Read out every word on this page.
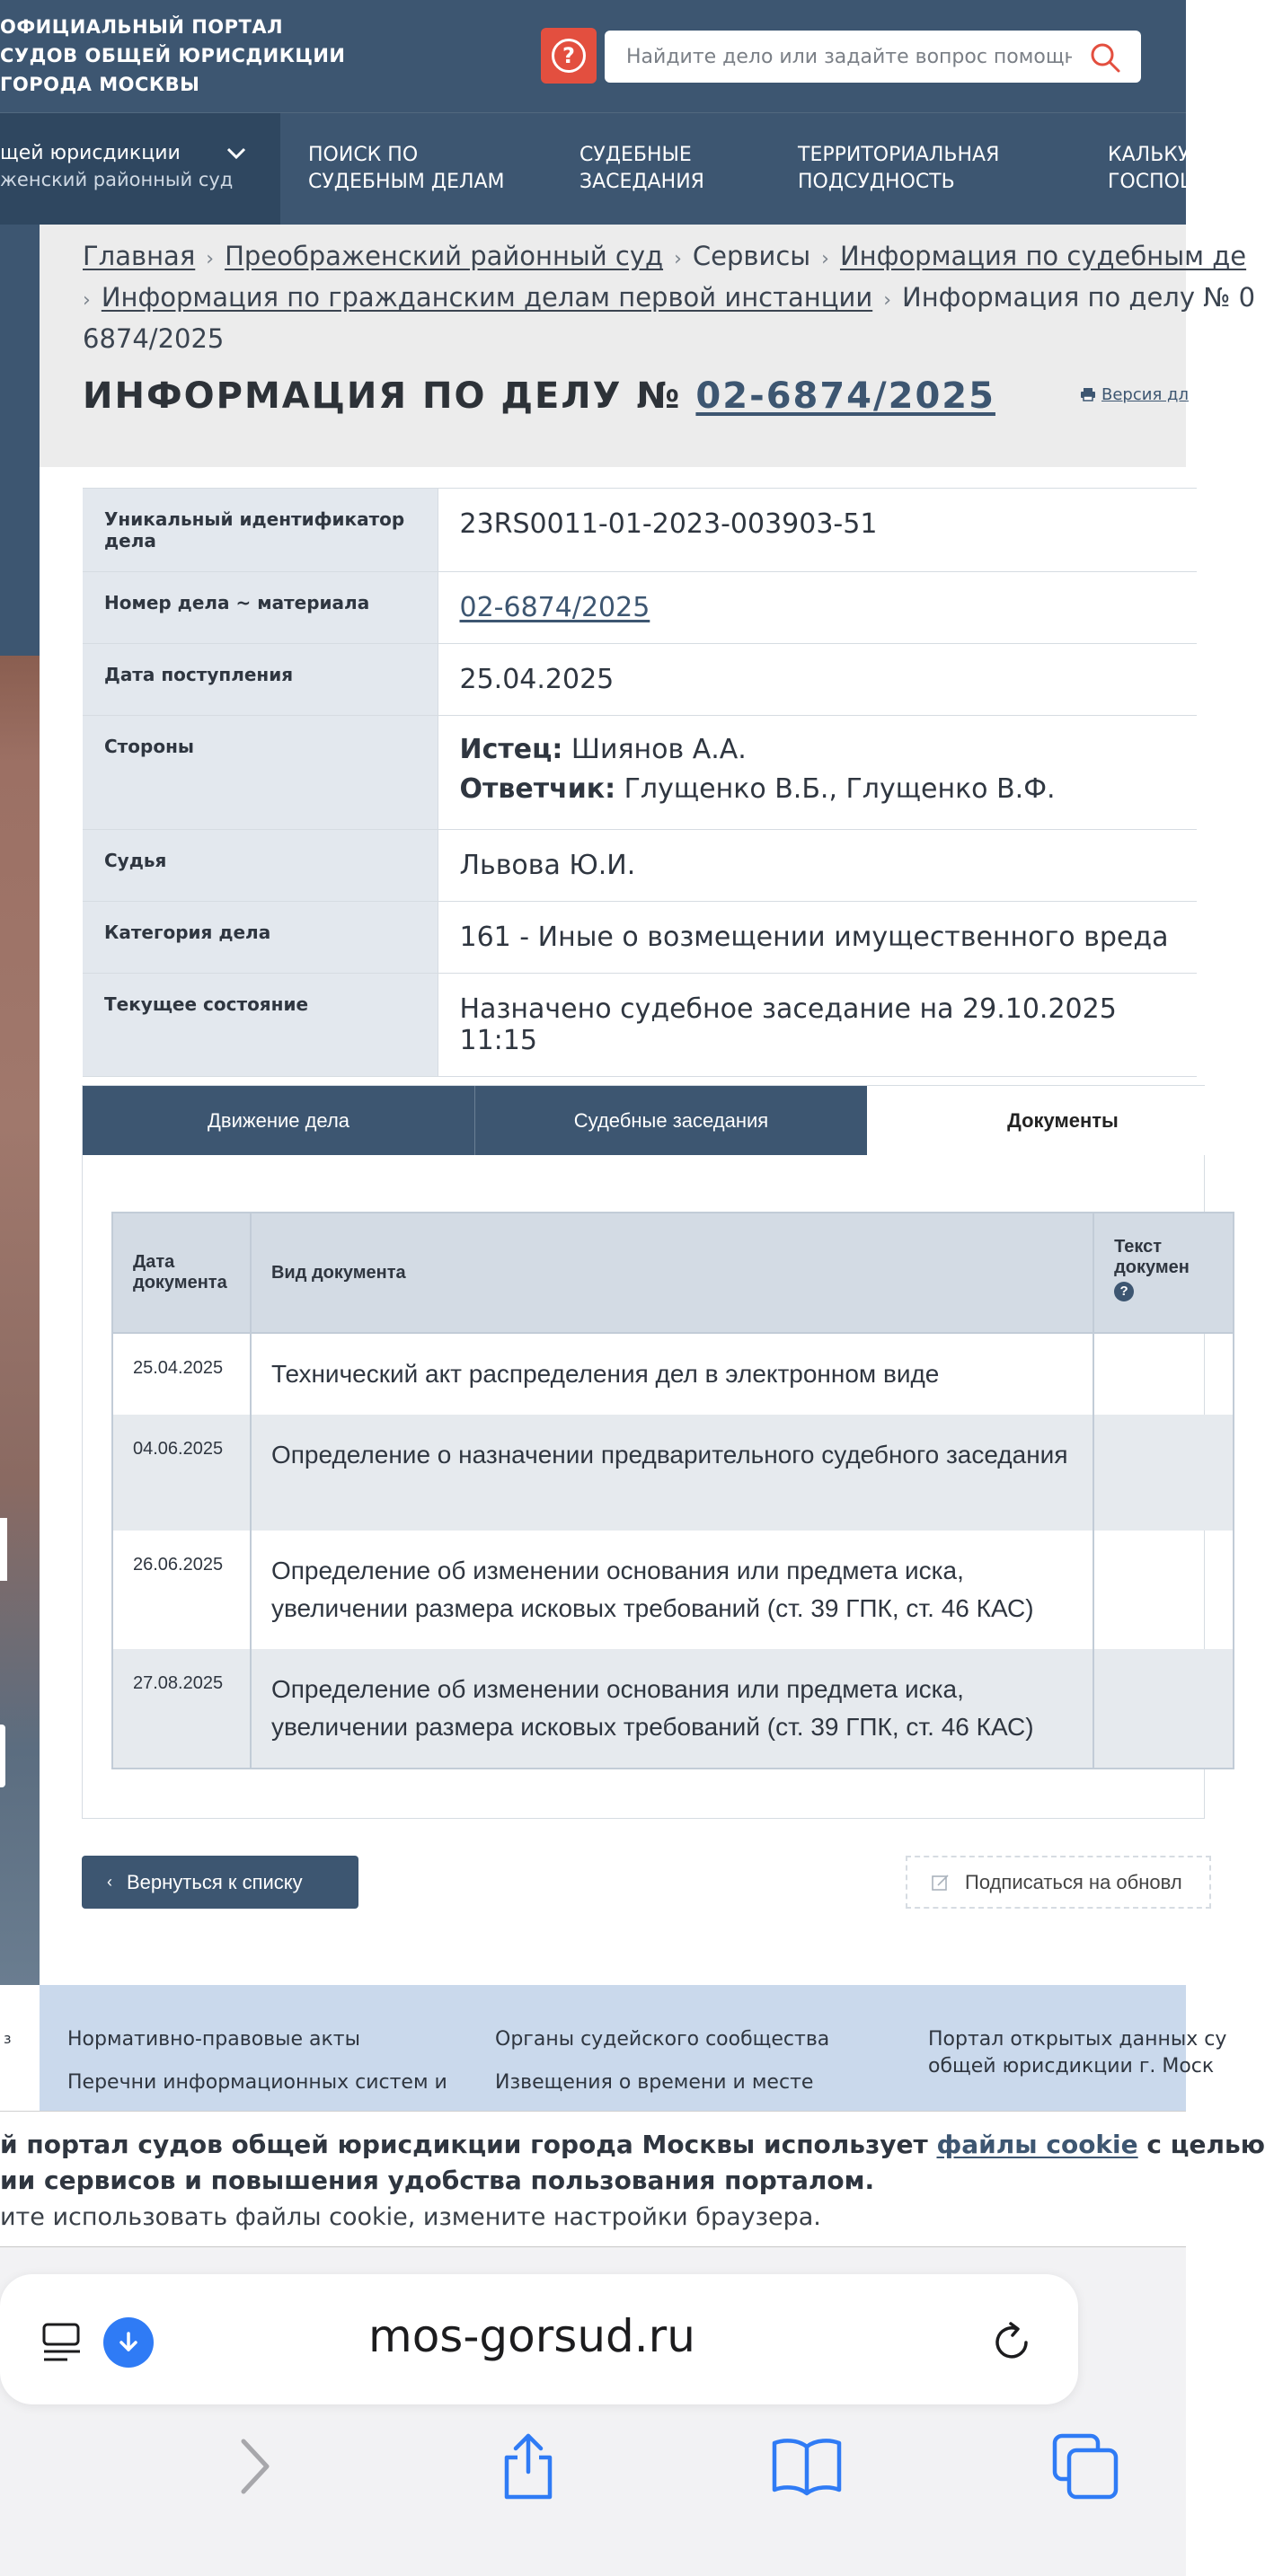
ОФИЦИАЛЬНЫЙ ПОРТАЛ
СУДОВ ОБЩЕЙ ЮРИСДИКЦИИ
ГОРОДА МОСКВЫ
?
Найдите дело или задайте вопрос помощнику
щей юрисдикции
женский районный суд
ПОИСК ПО
СУДЕБНЫМ ДЕЛАМ
СУДЕБНЫЕ
ЗАСЕДАНИЯ
ТЕРРИТОРИАЛЬНАЯ
ПОДСУДНОСТЬ
КАЛЬКУ
ГОСПОШ
Главная › Преображенский районный суд › Сервисы › Информация по судебным де
› Информация по гражданским делам первой инстанции › Информация по делу № 0
6874/2025
ИНФОРМАЦИЯ ПО ДЕЛУ № 02-6874/2025	Версия дл
Уникальный идентификатор дела	23RS0011-01-2023-003903-51
Номер дела ~ материала	02-6874/2025
Дата поступления	25.04.2025
Стороны	Истец: Шиянов А.А.
Ответчик: Глущенко В.Б., Глущенко В.Ф.

Судья	Львова Ю.И.
Категория дела	161 - Иные о возмещении имущественного вреда
Текущее состояние	Назначено судебное заседание на 29.10.2025 11:15
Движение дела	Судебные заседания	Документы
Дата документа	Вид документа	Текст докумен
?
25.04.2025	Технический акт распределения дел в электронном виде	
04.06.2025	Определение о назначении предварительного судебного заседания	
26.06.2025	Определение об изменении основания или предмета иска, увеличении размера исковых требований (ст. 39 ГПК, ст. 46 КАС)	
27.08.2025	Определение об изменении основания или предмета иска, увеличении размера исковых требований (ст. 39 ГПК, ст. 46 КАС)	
‹ Вернуться к списку	Подписаться на обновл
з	Нормативно-правовые акты
Перечни информационных систем и
Органы судейского сообщества
Извещения о времени и месте
Портал открытых данных су
общей юрисдикции г. Моск
й портал судов общей юрисдикции города Москвы использует файлы cookie с целью
ии сервисов и повышения удобства пользования порталом.
ите использовать файлы cookie, измените настройки браузера.
mos-gorsud.ru
